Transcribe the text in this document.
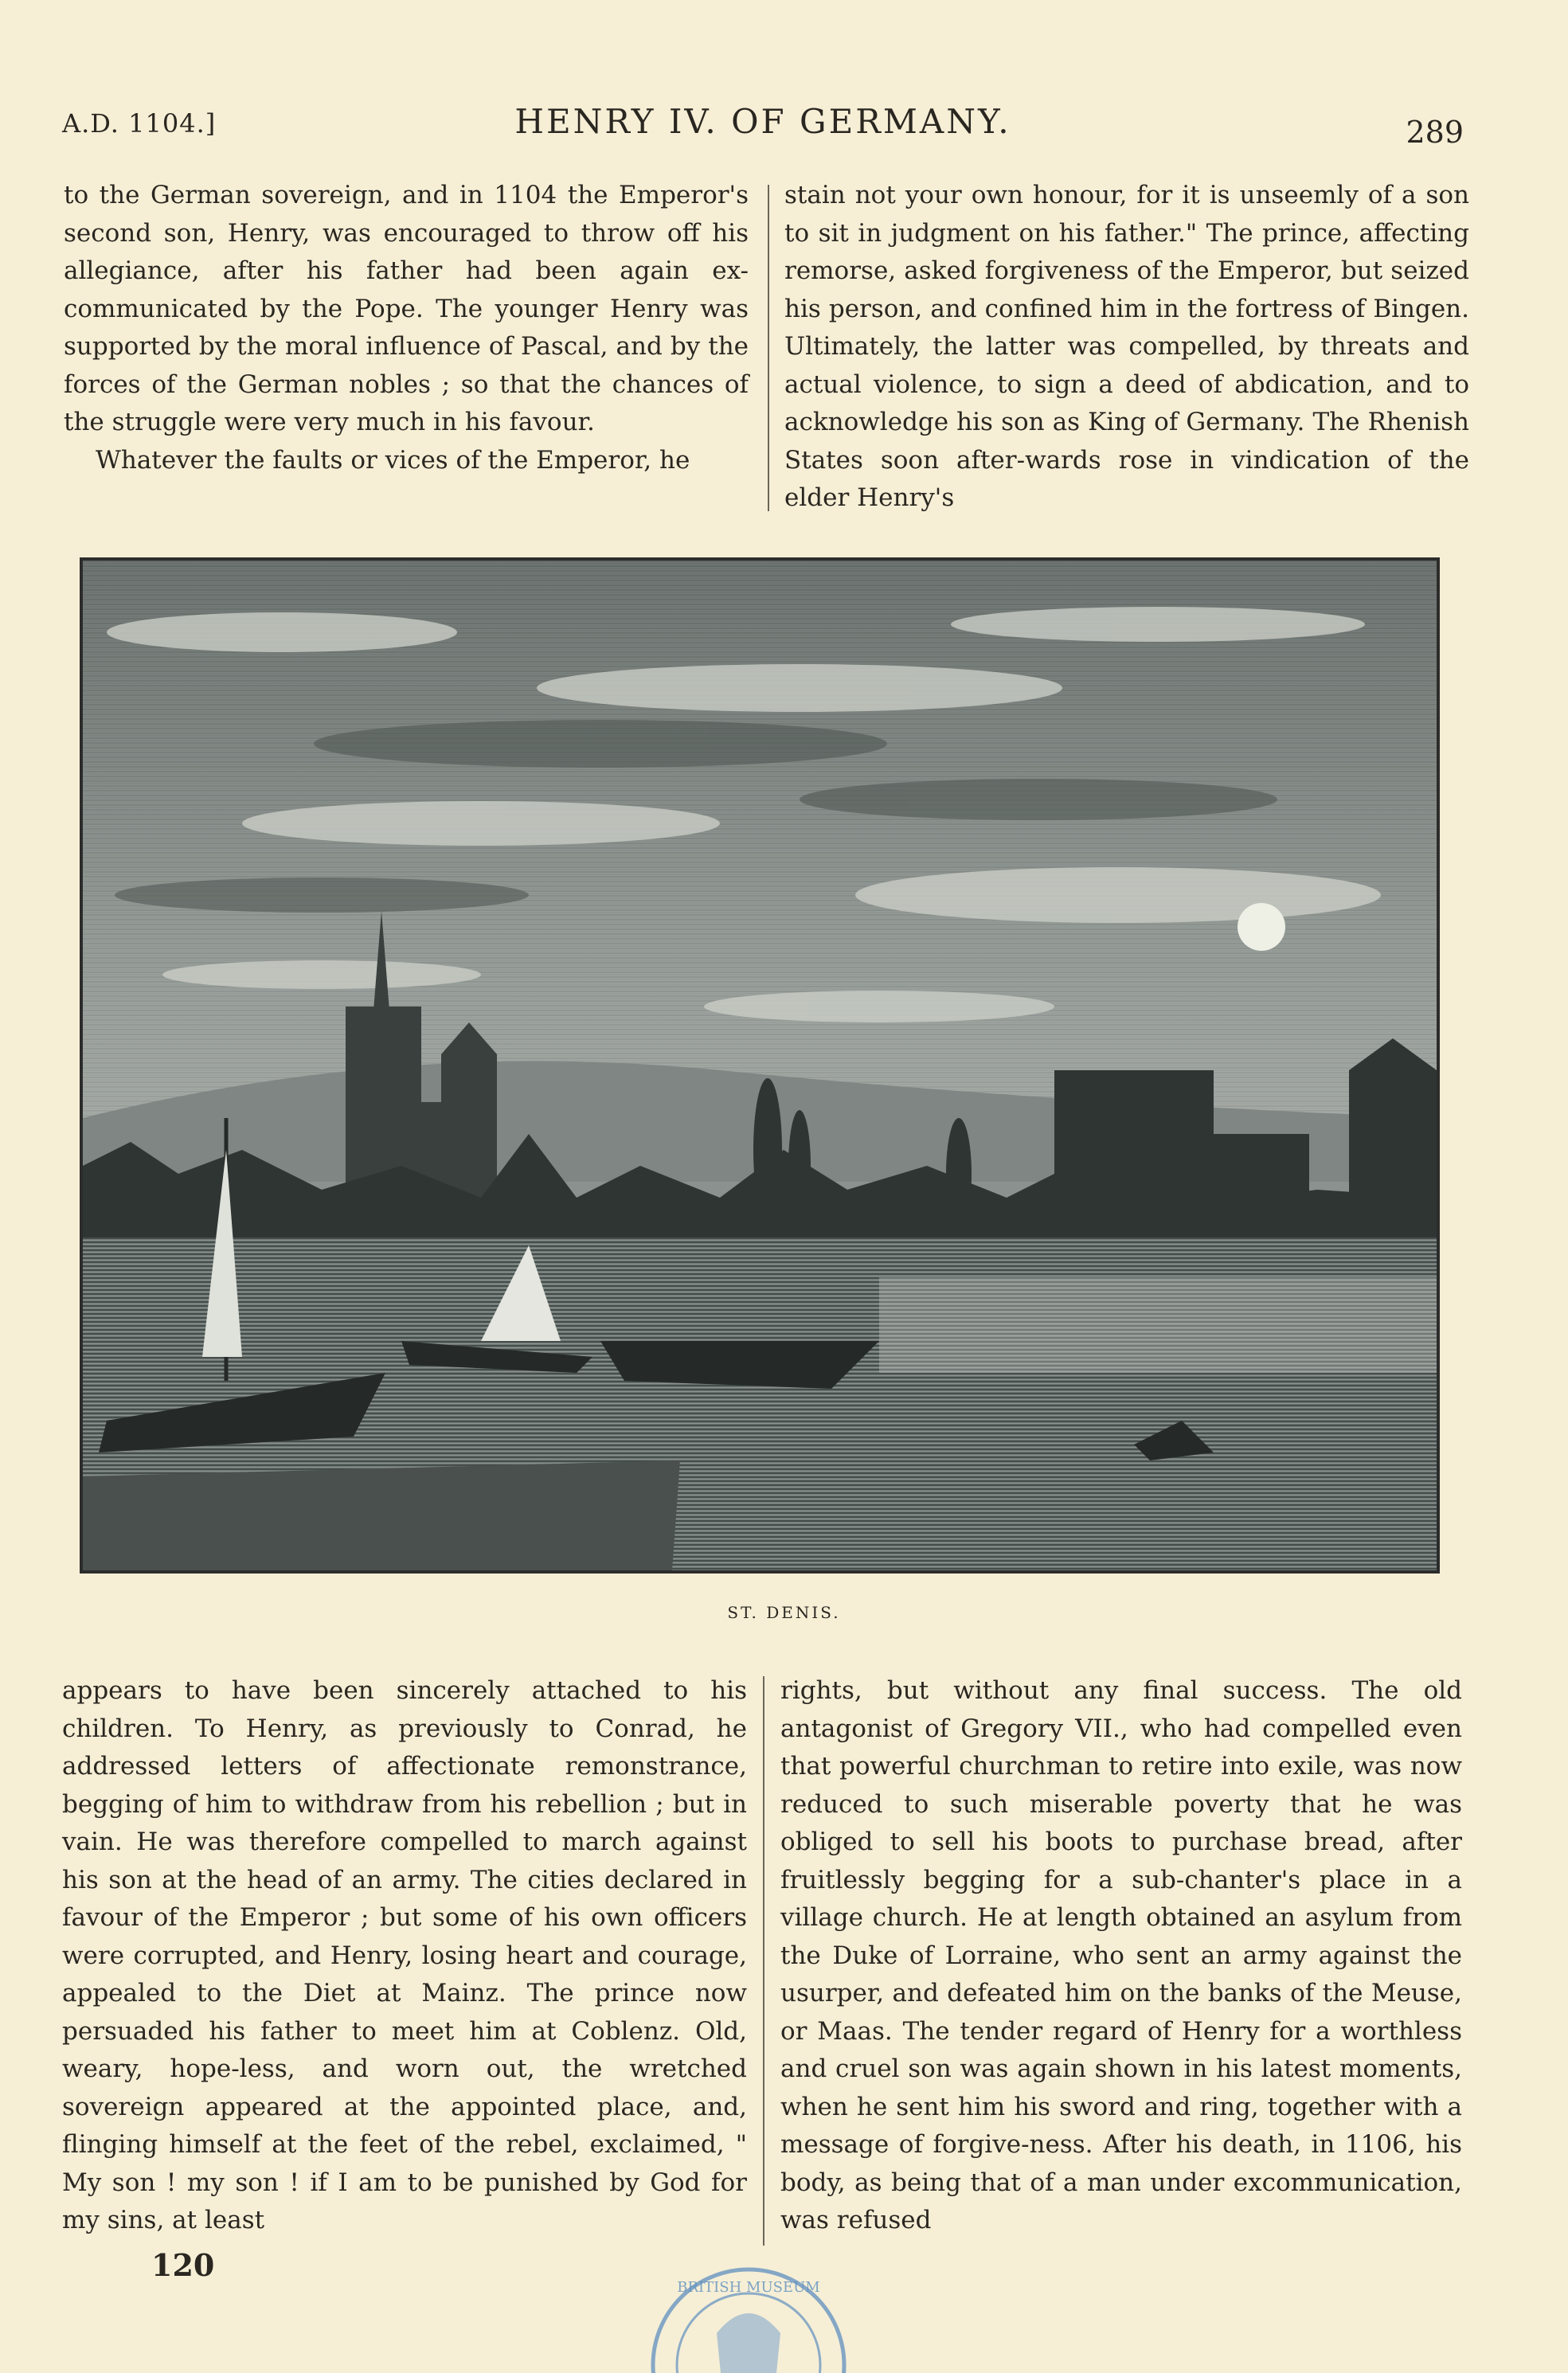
A.D. 1104.]	HENRY IV. OF GERMANY.	289

to the German sovereign, and in 1104 the Emperor's second son, Henry, was encouraged to throw off his allegiance, after his father had been again ex-communicated by the Pope. The younger Henry was supported by the moral influence of Pascal, and by the forces of the German nobles ; so that the chances of the struggle were very much in his favour.

Whatever the faults or vices of the Emperor, he

stain not your own honour, for it is unseemly of a son to sit in judgment on his father." The prince, affecting remorse, asked forgiveness of the Emperor, but seized his person, and confined him in the fortress of Bingen. Ultimately, the latter was compelled, by threats and actual violence, to sign a deed of abdication, and to acknowledge his son as King of Germany. The Rhenish States soon after-wards rose in vindication of the elder Henry's

ST. DENIS.

appears to have been sincerely attached to his children. To Henry, as previously to Conrad, he addressed letters of affectionate remonstrance, begging of him to withdraw from his rebellion ; but in vain. He was therefore compelled to march against his son at the head of an army. The cities declared in favour of the Emperor ; but some of his own officers were corrupted, and Henry, losing heart and courage, appealed to the Diet at Mainz. The prince now persuaded his father to meet him at Coblenz. Old, weary, hope-less, and worn out, the wretched sovereign appeared at the appointed place, and, flinging himself at the feet of the rebel, exclaimed, " My son ! my son ! if I am to be punished by God for my sins, at least

rights, but without any final success. The old antagonist of Gregory VII., who had compelled even that powerful churchman to retire into exile, was now reduced to such miserable poverty that he was obliged to sell his boots to purchase bread, after fruitlessly begging for a sub-chanter's place in a village church. He at length obtained an asylum from the Duke of Lorraine, who sent an army against the usurper, and defeated him on the banks of the Meuse, or Maas. The tender regard of Henry for a worthless and cruel son was again shown in his latest moments, when he sent him his sword and ring, together with a message of forgive-ness. After his death, in 1106, his body, as being that of a man under excommunication, was refused

120
BRITISH MUSEUM
